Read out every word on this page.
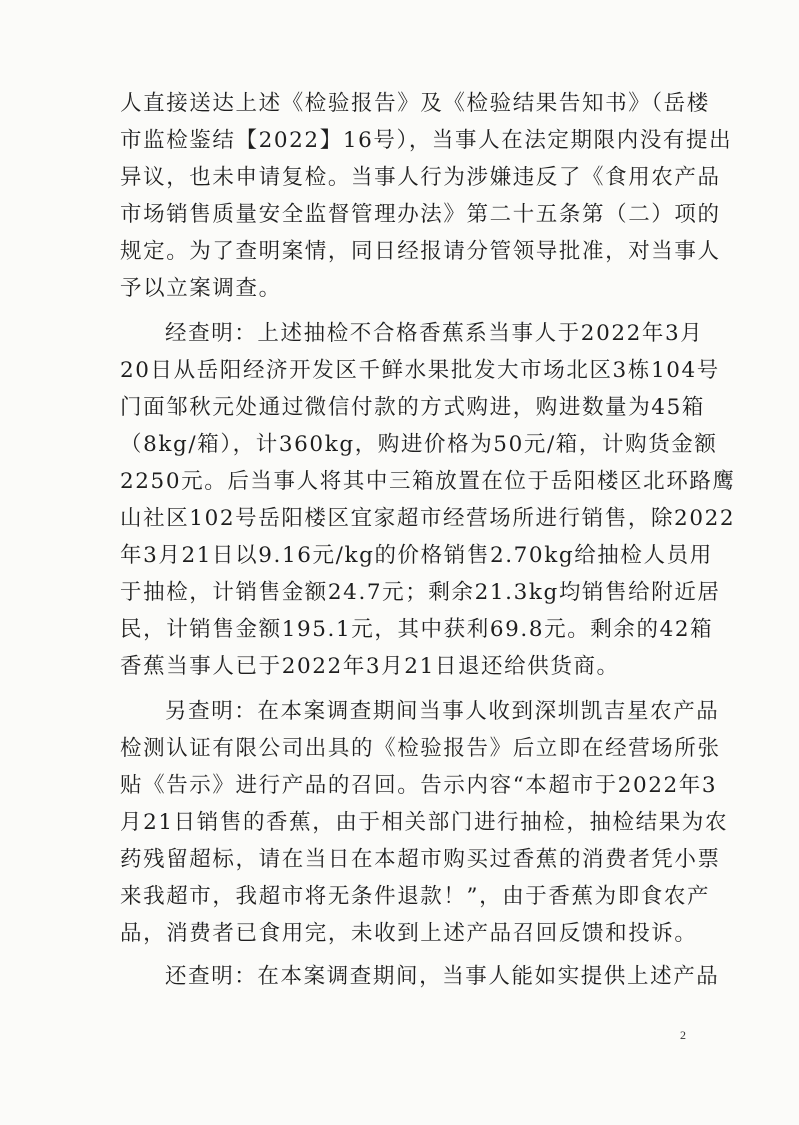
人直接送达上述《检验报告》及《检验结果告知书》（岳楼
市监检鉴结【2022】16号），当事人在法定期限内没有提出
异议，也未申请复检。当事人行为涉嫌违反了《食用农产品
市场销售质量安全监督管理办法》第二十五条第（二）项的
规定。为了查明案情，同日经报请分管领导批准，对当事人
予以立案调查。
经查明：上述抽检不合格香蕉系当事人于2022年3月
20日从岳阳经济开发区千鲜水果批发大市场北区3栋104号
门面邹秋元处通过微信付款的方式购进，购进数量为45箱
（8kg/箱），计360kg，购进价格为50元/箱，计购货金额
2250元。后当事人将其中三箱放置在位于岳阳楼区北环路鹰
山社区102号岳阳楼区宜家超市经营场所进行销售，除2022
年3月21日以9.16元/kg的价格销售2.70kg给抽检人员用
于抽检，计销售金额24.7元；剩余21.3kg均销售给附近居
民，计销售金额195.1元，其中获利69.8元。剩余的42箱
香蕉当事人已于2022年3月21日退还给供货商。
另查明：在本案调查期间当事人收到深圳凯吉星农产品
检测认证有限公司出具的《检验报告》后立即在经营场所张
贴《告示》进行产品的召回。告示内容“本超市于2022年3
月21日销售的香蕉，由于相关部门进行抽检，抽检结果为农
药残留超标，请在当日在本超市购买过香蕉的消费者凭小票
来我超市，我超市将无条件退款！”，由于香蕉为即食农产
品，消费者已食用完，未收到上述产品召回反馈和投诉。
还查明：在本案调查期间，当事人能如实提供上述产品
2
